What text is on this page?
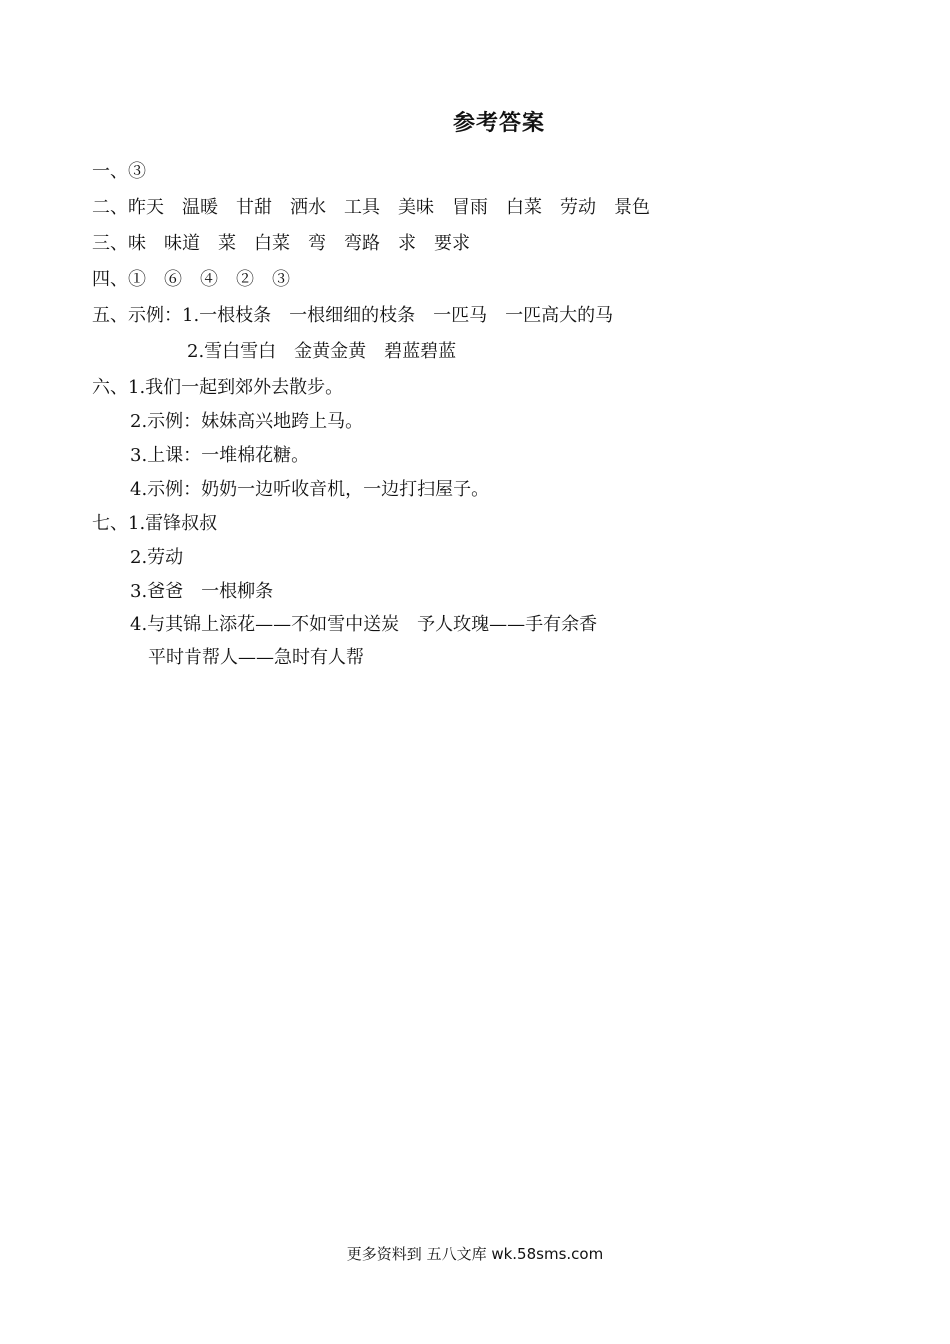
参考答案
一、③
二、昨天　温暖　甘甜　洒水　工具　美味　冒雨　白菜　劳动　景色
三、味　味道　菜　白菜　弯　弯路　求　要求
四、①　⑥　④　②　③
五、示例：1.一根枝条　一根细细的枝条　一匹马　一匹高大的马
2.雪白雪白　金黄金黄　碧蓝碧蓝
六、1.我们一起到郊外去散步。
2.示例：妹妹高兴地跨上马。
3.上课：一堆棉花糖。
4.示例：奶奶一边听收音机，一边打扫屋子。
七、1.雷锋叔叔
2.劳动
3.爸爸　一根柳条
4.与其锦上添花——不如雪中送炭　予人玫瑰——手有余香
平时肯帮人——急时有人帮
更多资料到 五八文库 wk.58sms.com
